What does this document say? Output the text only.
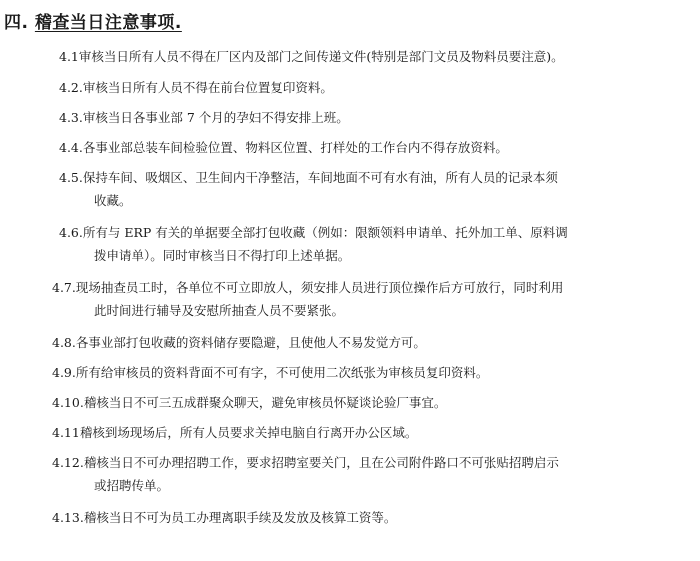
四. 稽查当日注意事项.
4.1审核当日所有人员不得在厂区内及部门之间传递文件(特别是部门文员及物料员要注意)。
4.2.审核当日所有人员不得在前台位置复印资料。
4.3.审核当日各事业部 7 个月的孕妇不得安排上班。
4.4.各事业部总装车间检验位置、物料区位置、打样处的工作台内不得存放资料。
4.5.保持车间、吸烟区、卫生间内干净整洁，车间地面不可有水有油，所有人员的记录本须
收藏。
4.6.所有与 ERP 有关的单据要全部打包收藏（例如：限额领料申请单、托外加工单、原料调
拨申请单）。同时审核当日不得打印上述单据。
4.7.现场抽查员工时，各单位不可立即放人，须安排人员进行顶位操作后方可放行，同时利用
此时间进行辅导及安慰所抽查人员不要紧张。
4.8.各事业部打包收藏的资料储存要隐避，且使他人不易发觉方可。
4.9.所有给审核员的资料背面不可有字，不可使用二次纸张为审核员复印资料。
4.10.稽核当日不可三五成群聚众聊天，避免审核员怀疑谈论验厂事宜。
4.11稽核到场现场后，所有人员要求关掉电脑自行离开办公区域。
4.12.稽核当日不可办理招聘工作，要求招聘室要关门，且在公司附件路口不可张贴招聘启示
或招聘传单。
4.13.稽核当日不可为员工办理离职手续及发放及核算工资等。
